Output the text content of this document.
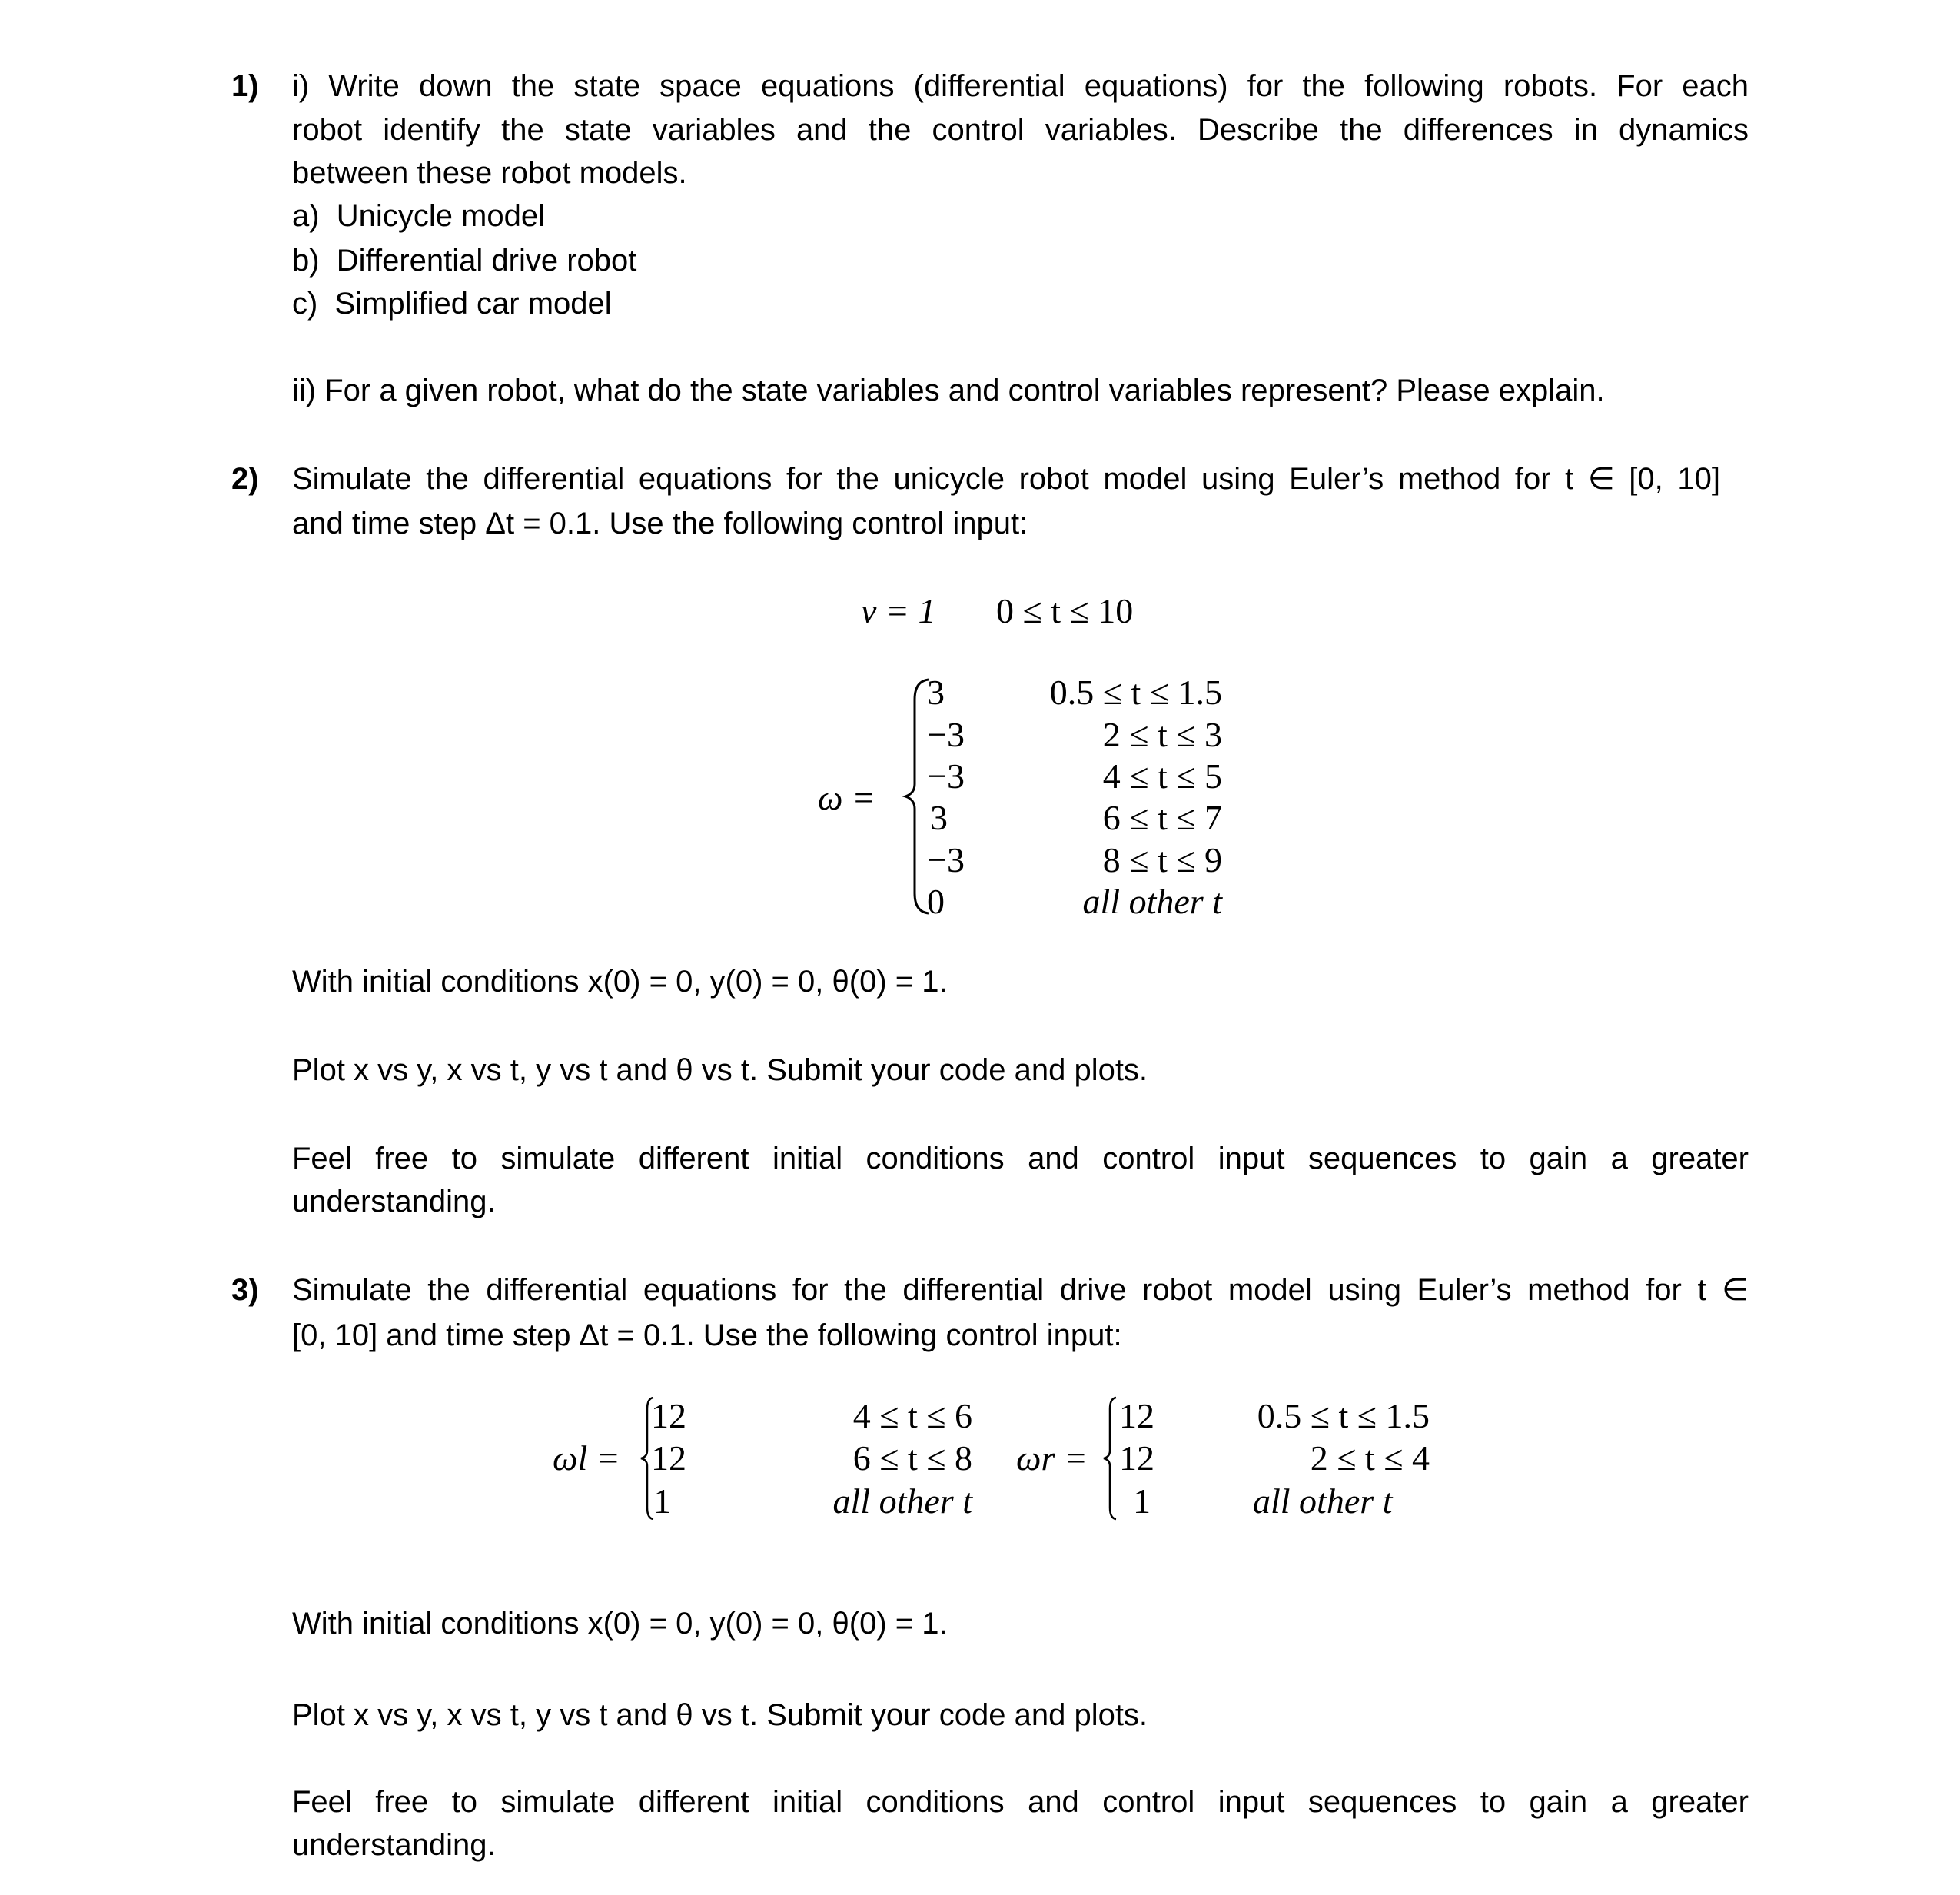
1) i) Write down the state space equations (differential equations) for the following robots. For each
robot identify the state variables and the control variables. Describe the differences in dynamics
between these robot models.
a)  Unicycle model
b)  Differential drive robot
c)  Simplified car model
ii) For a given robot, what do the state variables and control variables represent? Please explain.
2) Simulate the differential equations for the unicycle robot model using Euler’s method for t ∈ [0, 10]
and time step Δt = 0.1. Use the following control input:
v = 1 0 ≤ t ≤ 10
ω =
3
−3
−3
3
−3
0
0.5 ≤ t ≤ 1.5
2 ≤ t ≤ 3
4 ≤ t ≤ 5
6 ≤ t ≤ 7
8 ≤ t ≤ 9
all other t
With initial conditions x(0) = 0, y(0) = 0, θ(0) = 1.
Plot x vs y, x vs t, y vs t and θ vs t. Submit your code and plots.
Feel free to simulate different initial conditions and control input sequences to gain a greater
understanding.
3) Simulate the differential equations for the differential drive robot model using Euler’s method for t ∈
[0, 10] and time step Δt = 0.1. Use the following control input:
ωl =
12
12
1
4 ≤ t ≤ 6
6 ≤ t ≤ 8
all other t
ωr =
12
12
1
0.5 ≤ t ≤ 1.5
2 ≤ t ≤ 4
all other t
With initial conditions x(0) = 0, y(0) = 0, θ(0) = 1.
Plot x vs y, x vs t, y vs t and θ vs t. Submit your code and plots.
Feel free to simulate different initial conditions and control input sequences to gain a greater
understanding.
